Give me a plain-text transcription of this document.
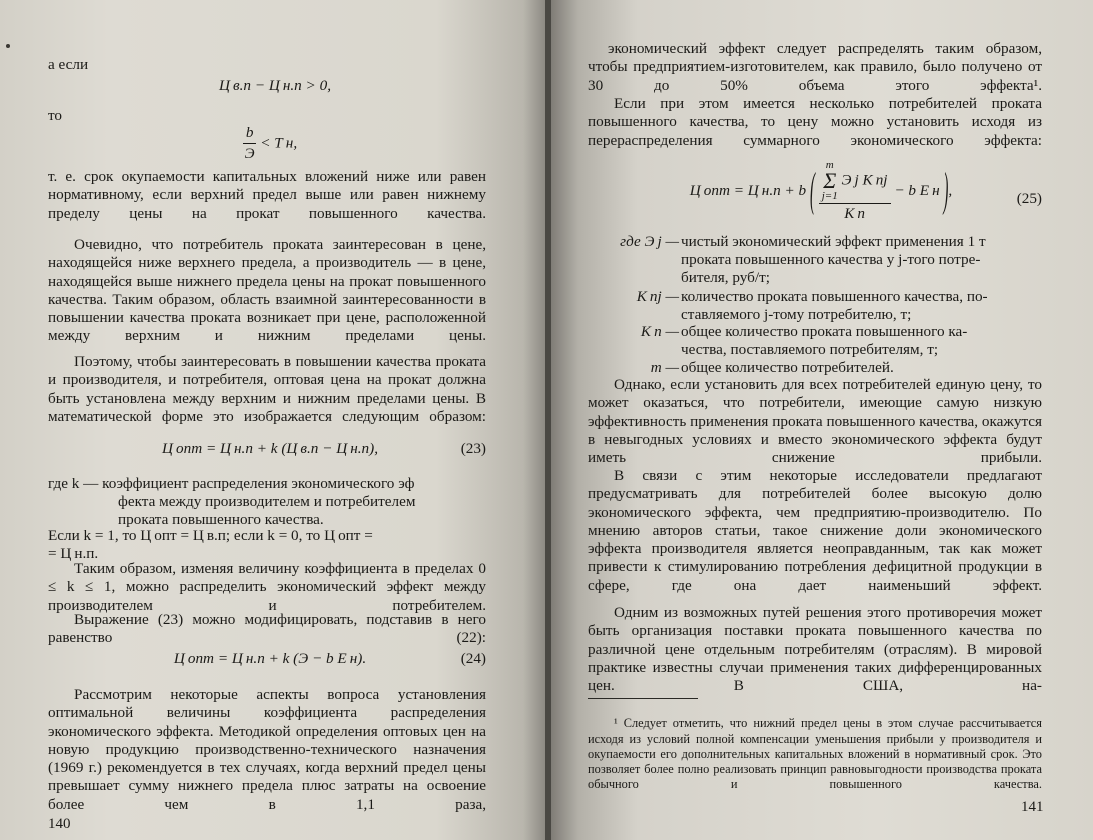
а если
Ц в.п − Ц н.п > 0,
то
$\frac{b}{Э} < T$ н,

т. е. срок окупаемости капитальных вложений ниже или равен нормативному, если верхний предел выше или равен нижнему пределу цены на прокат повышенного качества.

Очевидно, что потребитель проката заинтересован в цене, находящейся ниже верхнего предела, а производитель — в цене, находящейся выше нижнего предела цены на прокат повышенного качества. Таким образом, область взаимной заинтересованности в повышении качества проката возникает при цене, расположенной между верхним и нижним пределами цены.

Поэтому, чтобы заинтересовать в повышении качества проката и производителя, и потребителя, оптовая цена на прокат должна быть установлена между верхним и нижним пределами цены. В математической форме это изображается следующим образом:

Ц опт = Ц н.п + k (Ц в.п − Ц н.п),	(23)
где k — коэффициент распределения экономического эф
фекта между производителем и потребителем
проката повышенного качества.
Если k = 1, то Ц опт = Ц в.п; если k = 0, то Ц опт =
= Ц н.п.

Таким образом, изменяя величину коэффициента в пределах 0 ≤ k ≤ 1, можно распределить экономический эффект между производителем и потребителем.

Выражение (23) можно модифицировать, подставив в него равенство (22):

Ц опт = Ц н.п + k (Э − b E н).	(24)

Рассмотрим некоторые аспекты вопроса установления оптимальной величины коэффициента распределения экономического эффекта. Методикой определения оптовых цен на новую продукцию производственно-технического назначения (1969 г.) рекомендуется в тех случаях, когда верхний предел цены превышает сумму нижнего предела плюс затраты на освоение более чем в 1,1 раза,

140

экономический эффект следует распределять таким образом, чтобы предприятием-изготовителем, как правило, было получено от 30 до 50% объема этого эффекта¹.

Если при этом имеется несколько потребителей проката повышенного качества, то цену можно установить исходя из перераспределения суммарного экономического эффекта:

Ц опт = Ц н.п + b ( m
Σ
j=1 Э j K пj
K п − b E н ),	(25)
где Э j — чистый экономический эффект применения 1 т
проката повышенного качества у j-того потре-
бителя, руб/т;
K пj — количество проката повышенного качества, по-
ставляемого j-тому потребителю, т;
K п — общее количество проката повышенного ка-
чества, поставляемого потребителям, т;
m — общее количество потребителей.

Однако, если установить для всех потребителей единую цену, то может оказаться, что потребители, имеющие самую низкую эффективность применения проката повышенного качества, окажутся в невыгодных условиях и вместо экономического эффекта будут иметь снижение прибыли.

В связи с этим некоторые исследователи предлагают предусматривать для потребителей более высокую долю экономического эффекта, чем предприятию-производителю. По мнению авторов статьи, такое снижение доли экономического эффекта производителя является неоправданным, так как может привести к стимулированию потребления дефицитной продукции в сфере, где она дает наименьший эффект.

Одним из возможных путей решения этого противоречия может быть организация поставки проката повышенного качества по различной цене отдельным потребителям (отраслям). В мировой практике известны случаи применения таких дифференцированных цен. В США, на-

¹ Следует отметить, что нижний предел цены в этом случае рассчитывается исходя из условий полной компенсации уменьшения прибыли у производителя и окупаемости его дополнительных капитальных вложений в нормативный срок. Это позволяет более полно реализовать принцип равновыгодности производства проката обычного и повышенного качества.

141
